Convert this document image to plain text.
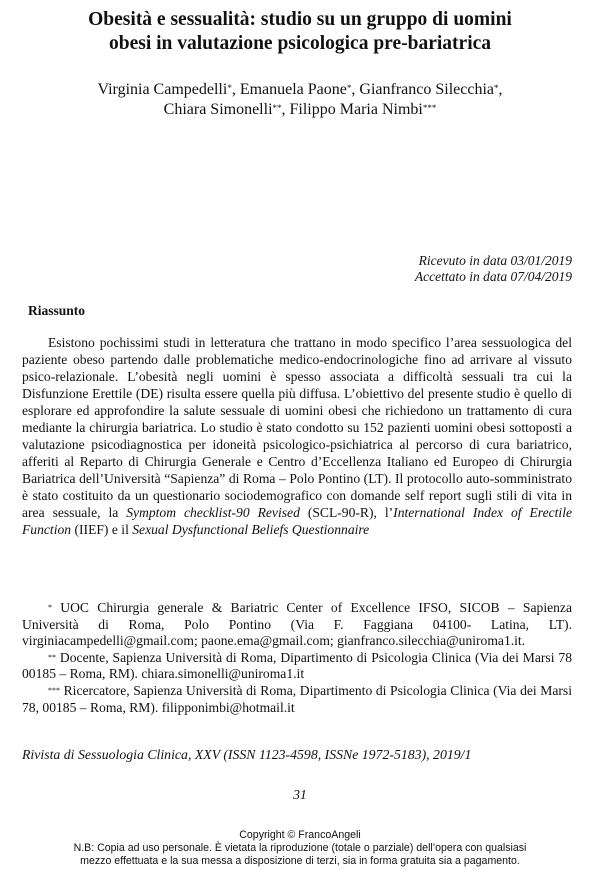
Obesità e sessualità: studio su un gruppo di uomini
obesi in valutazione psicologica pre-bariatrica
Virginia Campedelli*, Emanuela Paone*, Gianfranco Silecchia*,
Chiara Simonelli**, Filippo Maria Nimbi***
Ricevuto in data 03/01/2019
Accettato in data 07/04/2019
Riassunto

Esistono pochissimi studi in letteratura che trattano in modo specifico l’area sessuologica del paziente obeso partendo dalle problematiche medico-endocrinologiche fino ad arrivare al vissuto psico-relazionale. L’obesità negli uomini è spesso associata a difficoltà sessuali tra cui la Disfunzione Erettile (DE) risulta essere quella più diffusa. L’obiettivo del presente studio è quello di esplorare ed approfondire la salute sessuale di uomini obesi che richiedono un trattamento di cura mediante la chirurgia bariatrica. Lo studio è stato condotto su 152 pazienti uomini obesi sottoposti a valutazione psicodiagnostica per idoneità psicologico-psichiatrica al percorso di cura bariatrico, afferiti al Reparto di Chirurgia Generale e Centro d’Eccellenza Italiano ed Europeo di Chirurgia Bariatrica dell’Università “Sapienza” di Roma – Polo Pontino (LT). Il protocollo auto-somministrato è stato costituito da un questionario sociodemografico con domande self report sugli stili di vita in area sessuale, la Symptom checklist-90 Revised (SCL-90-R), l’International Index of Erectile Function (IIEF) e il Sexual Dysfunctional Beliefs Questionnaire

* UOC Chirurgia generale & Bariatric Center of Excellence IFSO, SICOB – Sapienza Università di Roma, Polo Pontino (Via F. Faggiana 04100- Latina, LT). virginiacampedelli@gmail.com; paone.ema@gmail.com; gianfranco.silecchia@uniroma1.it.

** Docente, Sapienza Università di Roma, Dipartimento di Psicologia Clinica (Via dei Marsi 78 00185 – Roma, RM). chiara.simonelli@uniroma1.it

*** Ricercatore, Sapienza Università di Roma, Dipartimento di Psicologia Clinica (Via dei Marsi 78, 00185 – Roma, RM). filipponimbi@hotmail.it

Rivista di Sessuologia Clinica, XXV (ISSN 1123-4598, ISSNe 1972-5183), 2019/1
31
Copyright © FrancoAngeli
N.B: Copia ad uso personale. È vietata la riproduzione (totale o parziale) dell’opera con qualsiasi
mezzo effettuata e la sua messa a disposizione di terzi, sia in forma gratuita sia a pagamento.
